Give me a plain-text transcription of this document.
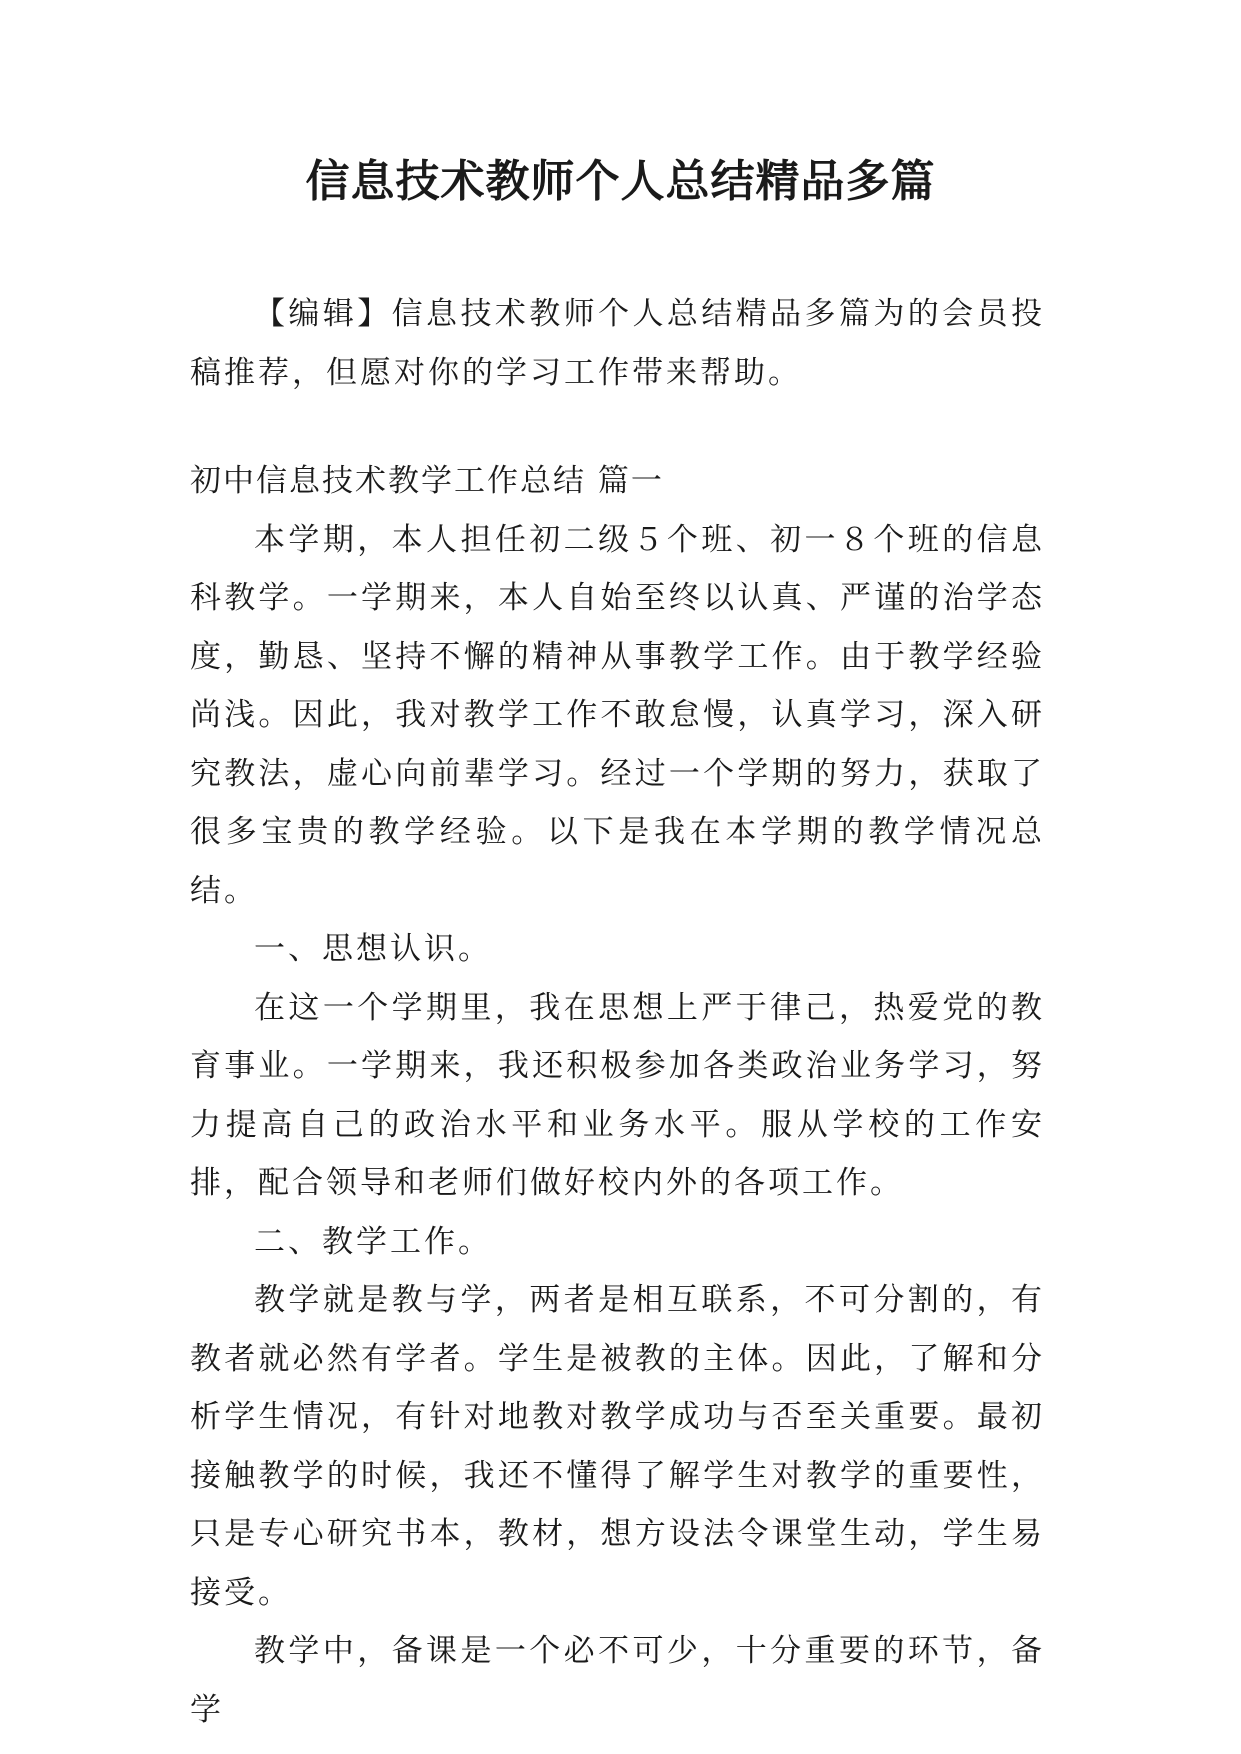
信息技术教师个人总结精品多篇

【编辑】信息技术教师个人总结精品多篇为的会员投稿推荐，但愿对你的学习工作带来帮助。

初中信息技术教学工作总结 篇一

本学期，本人担任初二级５个班、初一８个班的信息科教学。一学期来，本人自始至终以认真、严谨的治学态度，勤恳、坚持不懈的精神从事教学工作。由于教学经验尚浅。因此，我对教学工作不敢怠慢，认真学习，深入研究教法，虚心向前辈学习。经过一个学期的努力，获取了很多宝贵的教学经验。以下是我在本学期的教学情况总结。

一、思想认识。

在这一个学期里，我在思想上严于律己，热爱党的教育事业。一学期来，我还积极参加各类政治业务学习，努力提高自己的政治水平和业务水平。服从学校的工作安排，配合领导和老师们做好校内外的各项工作。

二、教学工作。

教学就是教与学，两者是相互联系，不可分割的，有教者就必然有学者。学生是被教的主体。因此，了解和分析学生情况，有针对地教对教学成功与否至关重要。最初接触教学的时候，我还不懂得了解学生对教学的重要性，只是专心研究书本，教材，想方设法令课堂生动，学生易接受。

教学中，备课是一个必不可少，十分重要的环节，备学
